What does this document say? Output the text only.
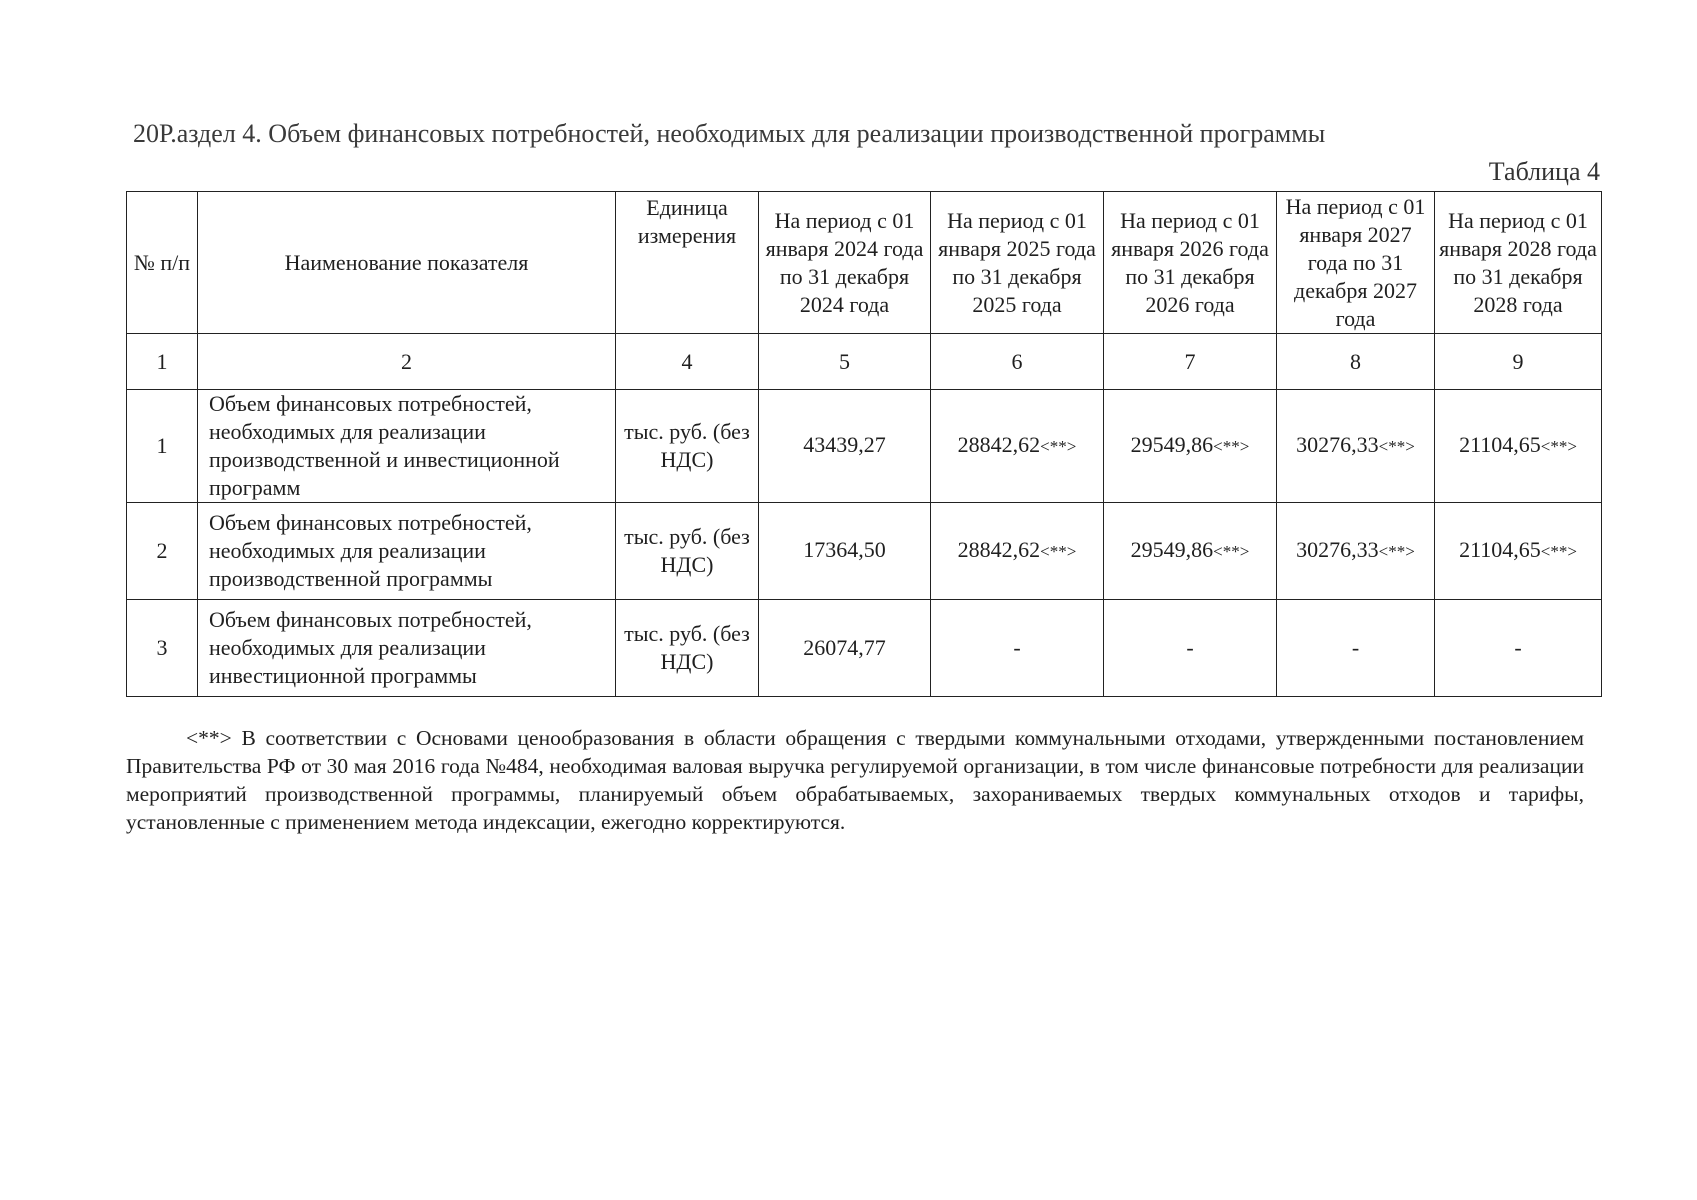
20Р.аздел 4. Объем финансовых потребностей, необходимых для реализации производственной программы
Таблица 4
№ п/п	Наименование показателя	Единица измерения	На период с 01 января 2024 года по 31 декабря 2024 года	На период с 01 января 2025 года по 31 декабря 2025 года	На период с 01 января 2026 года по 31 декабря 2026 года	На период с 01 января 2027 года по 31 декабря 2027 года	На период с 01 января 2028 года по 31 декабря 2028 года
1	2	4	5	6	7	8	9
1	Объем финансовых потребностей, необходимых для реализации производственной и инвестиционной программ	тыс. руб. (без НДС)	43439,27	28842,62<**>	29549,86<**>	30276,33<**>	21104,65<**>
2	Объем финансовых потребностей, необходимых для реализации производственной программы	тыс. руб. (без НДС)	17364,50	28842,62<**>	29549,86<**>	30276,33<**>	21104,65<**>
3	Объем финансовых потребностей, необходимых для реализации инвестиционной программы	тыс. руб. (без НДС)	26074,77	-	-	-	-
<**> В соответствии с Основами ценообразования в области обращения с твердыми коммунальными отходами, утвержденными постановлением Правительства РФ от 30 мая 2016 года №484, необходимая валовая выручка регулируемой организации, в том числе финансовые потребности для реализации мероприятий производственной программы, планируемый объем обрабатываемых, захораниваемых твердых коммунальных отходов и тарифы, установленные с применением метода индексации, ежегодно корректируются.
